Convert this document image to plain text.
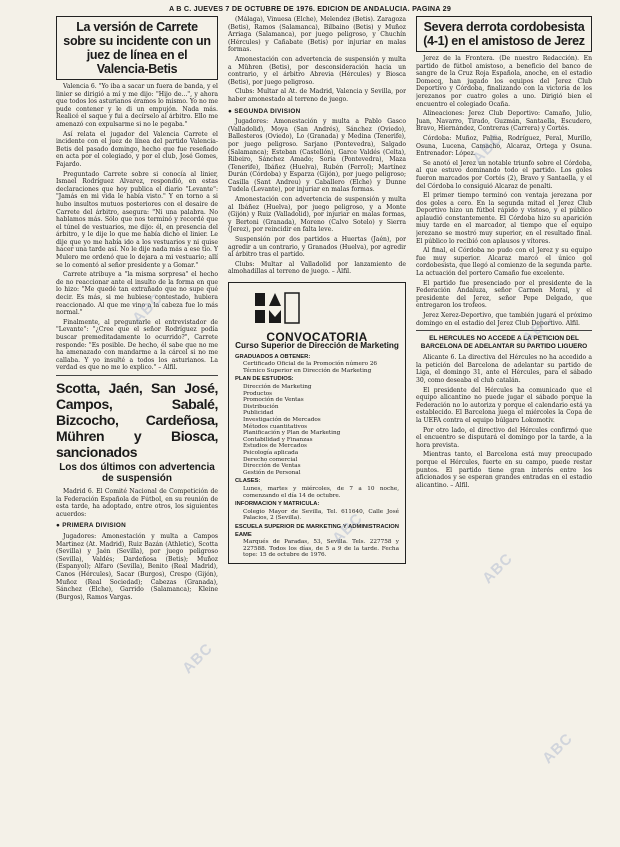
A B C. JUEVES 7 DE OCTUBRE DE 1976. EDICION DE ANDALUCIA. PAGINA 29
La versión de Carrete sobre su incidente con un juez de línea en el Valencia-Betis

Valencia 6. "Yo iba a sacar un fuera de banda, y el linier se dirigió a mí y me dijo: "Hijo de...", y ahora que todos los asturianos éramos lo mismo. Yo no me pude contener y le di un empujón. Nada más. Realicé el saque y fui a decírselo al árbitro. Ello me amenazó con expulsarme si no le pegaba."

Así relata el jugador del Valencia Carrete el incidente con el juez de línea del partido Valencia-Betis del pasado domingo, hecho que fue reseñado en acta por el colegiado, y por el club, José Gomes, Fajardo.

Preguntado Carrete sobre si conocía al linier, Ismael Rodríguez Alvarez, respondió, en estas declaraciones que hoy publica el diario "Levante": "Jamás en mi vida le había visto." Y en torno a si hubo insultos mutuos posteriores con el desaire de Carrete del árbitro, asegura: "Ni una palabra. No hablamos más. Sólo que nos terminó y recordé que el túnel de vestuarios, me dijo: él, en presencia del árbitro, y le dije lo que me había dicho el linier. Le dije que yo me había ido a los vestuarios y ni quise hacer una tarde así. No le dije nada más a ese tío. Y Mulero me ordenó que lo dejara a mi vestuario; allí se lo comentó al señor presidente y a Gomar."

Carrete atribuye a "la misma sorpresa" el hecho de no reaccionar ante el insulto de la forma en que lo hizo: "Me quedé tan extrañado que no supe qué decir. Es más, si me hubiese contestado, hubiera reaccionado. Al que me vino a la cabeza fue lo más normal."

Finalmente, al preguntarle el entrevistador de "Levante": "¿Cree que el señor Rodríguez podía buscar premeditadamente lo ocurrido?", Carrete responde: "Es posible. De hecho, él sabe que no me ha amenazado con mandarme a la cárcel si no me callaba. Y yo insulté a todos los asturianos. La verdad es que no me lo explico." – Alfil.

Scotta, Jaén, San José, Campos, Sabalé, Bizcocho, Cardeñosa, Mühren y Biosca, sancionados
Los dos últimos con advertencia de suspensión

Madrid 6. El Comité Nacional de Competición de la Federación Española de Fútbol, en su reunión de esta tarde, ha adoptado, entre otros, los siguientes acuerdos:

● PRIMERA DIVISION

Jugadores: Amonestación y multa a Campos Martinez (At. Madrid), Ruiz Bazán (Athletic), Scotta (Sevilla) y Jaén (Sevilla), por juego peligroso (Sevilla), Valdés; Dardeñosa (Betis); Muñoz (Espanyol); Alfaro (Sevilla), Benito (Real Madrid), Canos (Hércules), Sacar (Burgos), Crespo (Gijón), Muñoz (Real Sociedad); Cabezas (Granada), Sánchez (Elche), Garrido (Salamanca); Kleine (Burgos), Ramos Vargas.

(Málaga), Vinuesa (Elche), Melendez (Betis). Zaragoza (Betis), Ramos (Salamanca), Bilbaino (Betis) y Muñoz Arriaga (Salamanca), por juego peligroso, y Chuchín (Hércules) y Cañabate (Betis) por injuriar en malas formas.

Amonestación con advertencia de suspensión y multa a Mühren (Betis), por desconsideración hacia un contrario, y el árbitro Abrevia (Hércules) y Biosca (Betis), por juego peligroso.

Clubs: Multar al At. de Madrid, Valencia y Sevilla, por haber amonestado al terreno de juego.

● SEGUNDA DIVISION

Jugadores: Amonestación y multa a Pablo Gasco (Valladolid), Moya (San Andrés), Sánchez (Oviedo), Ballesteros (Oviedo), Lo (Granada) y Medina (Tenerife), por juego peligroso. Sarjano (Pontevedra), Salgado (Salamanca); Esteban (Castellón), Garce Valdés (Celta), Ribeiro, Sánchez Amado; Soria (Pontevedra), Maza (Tenerife), Ibáñez (Huelva), Rubén (Ferrol); Martínez Durán (Córdoba) y Esparza (Gijón), por juego peligroso; Casilla (Sant Andreu) y Caballero (Elche) y Dunne Tudela (Levante), por injuriar en malas formas.

Amonestación con advertencia de suspensión y multa al Ibáñez (Huelva), por juego peligroso, y a Monte (Gijón) y Ruiz (Valladolid), por injuriar en malas formas, y Bertoni (Granada), Moreno (Calvo Sotelo) y Sierra (Jerez), por reincidir en falta leve.

Suspensión por dos partidos a Huertas (Jaén), por agredir a un contrario, y Granados (Huelva), por agredir al árbitro tras el partido.

Clubs: Multar al Valladolid por lanzamiento de almohadillas al terreno de juego. – Alfil.

CONVOCATORIA
Curso Superior de Dirección de Marketing
GRADUADOS A OBTENER:
Certificado Oficial de la Promoción número 26
Técnico Superior en Dirección de Marketing
PLAN DE ESTUDIOS:
Dirección de Marketing
Productos
Promoción de Ventas
Distribución
Publicidad
Investigación de Mercados
Métodos cuantitativos
Planificación y Plan de Marketing
Contabilidad y Finanzas
Estudios de Mercados
Psicología aplicada
Derecho comercial
Dirección de Ventas
Gestión de Personal
CLASES:
Lunes, martes y miércoles, de 7 a 10 noche, comenzando el día 14 de octubre.
INFORMACION Y MATRICULA:
Colegio Mayor de Sevilla, Tel. 611640, Calle José Palacios, 2 (Sevilla).
ESCUELA SUPERIOR DE MARKETING Y ADMINISTRACION EAME
Marqués de Paradas, 53, Sevilla. Tels. 227758 y 227588. Todos los días, de 5 a 9 de la tarde. Fecha tope: 15 de octubre de 1976.
Severa derrota cordobesista (4-1) en el amistoso de Jerez

Jerez de la Frontera. (De nuestro Redacción). En partido de fútbol amistoso, a beneficio del banco de sangre de la Cruz Roja Española, anoche, en el estadio Domecq, han jugado los equipos del Jerez Club Deportivo y Córdoba, finalizando con la victoria de los jerezanos por cuatro goles a uno. Dirigió bien el encuentro el colegiado Ocaña.

Alineaciones: Jerez Club Deportivo: Camaño, Julio, Juan, Navarro, Tirado, Guzmán, Santaella, Escudero, Bravo, Hiernández, Contreras (Carrera) y Cortés.

Córdoba: Muñoz, Palma, Rodríguez, Peral, Murillo, Osuna, Lucena, Camacho, Alcaraz, Ortega y Osuna. Entrenador: López.

Se anotó el Jerez un notable triunfo sobre el Córdoba, al que estuvo dominando todo el partido. Los goles fueron marcados por Cortés (2), Bravo y Santaella, y el del Córdoba lo consiguió Alcaraz de penalti.

El primer tiempo terminó con ventaja jerezana por dos goles a cero. En la segunda mitad el Jerez Club Deportivo hizo un fútbol rápido y vistoso, y el público aplaudió constantemente. El Córdoba hizo su aparición muy tarde en el marcador, al tiempo que el equipo jerezano se mostró muy superior, en el resultado final. El público lo recibió con aplausos y vítores.

Al final, el Córdoba no pudo con el Jerez y su equipo fue muy superior. Alcaraz marcó el único gol cordobesista, que llegó al comienzo de la segunda parte. La actuación del portero Camaño fue excelente.

El partido fue presenciado por el presidente de la Federación Andaluza, señor Carmen Moral, y el presidente del Jerez, señor Pepe Delgado, que entregaron los trofeos.

Jerez Xerez-Deportivo, que también jugará el próximo domingo en el estadio del Jerez Club Deportivo. Alfil.

EL HERCULES NO ACCEDE A LA PETICION DEL BARCELONA DE ADELANTAR SU PARTIDO LIGUERO

Alicante 6. La directiva del Hércules no ha accedido a la petición del Barcelona de adelantar su partido de Liga, el domingo 31, ante el Hércules, para el sábado 30, como deseaba el club catalán.

El presidente del Hércules ha comunicado que el equipo alicantino no puede jugar el sábado porque la Federación no lo autoriza y porque el calendario está ya establecido. El Barcelona juega el miércoles la Copa de la UEFA contra el equipo búlgaro Lokomotiv.

Por otro lado, el directivo del Hércules confirmó que el encuentro se disputará el domingo por la tarde, a la hora prevista.

Mientras tanto, el Barcelona está muy preocupado porque el Hércules, fuerte en su campo, puede restar puntos. El partido tiene gran interés entre los aficionados y se esperan grandes entradas en el estadio alicantino. – Alfil.

ABC
ABC
ABC
ABC
ABC
ABC
ABC
